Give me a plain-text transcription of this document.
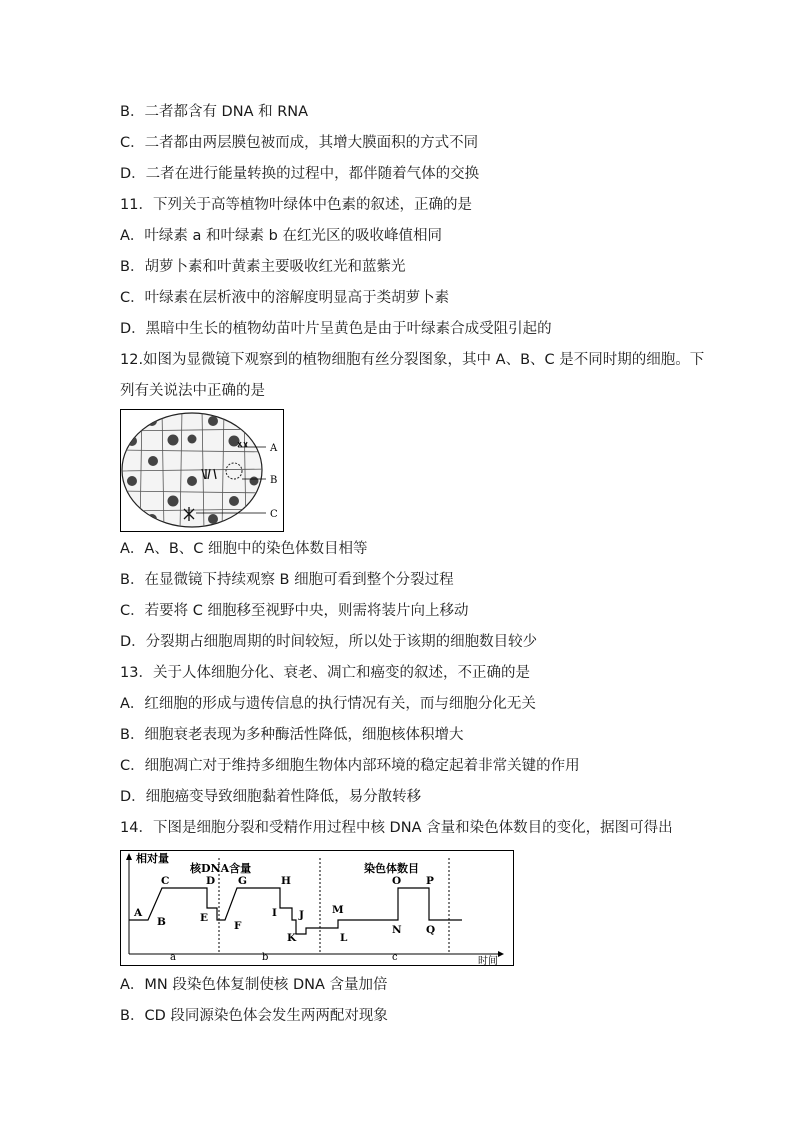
B．二者都含有 DNA 和 RNA
C．二者都由两层膜包被而成，其增大膜面积的方式不同
D．二者在进行能量转换的过程中，都伴随着气体的交换
11．下列关于高等植物叶绿体中色素的叙述，正确的是
A．叶绿素 a 和叶绿素 b 在红光区的吸收峰值相同
B．胡萝卜素和叶黄素主要吸收红光和蓝紫光
C．叶绿素在层析液中的溶解度明显高于类胡萝卜素
D．黑暗中生长的植物幼苗叶片呈黄色是由于叶绿素合成受阻引起的
12.如图为显微镜下观察到的植物细胞有丝分裂图象，其中 A、B、C 是不同时期的细胞。下
列有关说法中正确的是
A
B
C
A．A、B、C 细胞中的染色体数目相等
B．在显微镜下持续观察 B 细胞可看到整个分裂过程
C．若要将 C 细胞移至视野中央，则需将装片向上移动
D．分裂期占细胞周期的时间较短，所以处于该期的细胞数目较少
13．关于人体细胞分化、衰老、凋亡和癌变的叙述，不正确的是
A．红细胞的形成与遗传信息的执行情况有关，而与细胞分化无关
B．细胞衰老表现为多种酶活性降低，细胞核体积增大
C．细胞凋亡对于维持多细胞生物体内部环境的稳定起着非常关键的作用
D．细胞癌变导致细胞黏着性降低，易分散转移
14．下图是细胞分裂和受精作用过程中核 DNA 含量和染色体数目的变化，据图可得出
相对量
时间
核DNA含量	染色体数目
a	b	c
A
B
C	D
E
F
G	H
I J
K	L
M
N
O P
Q
A．MN 段染色体复制使核 DNA 含量加倍
B．CD 段同源染色体会发生两两配对现象
